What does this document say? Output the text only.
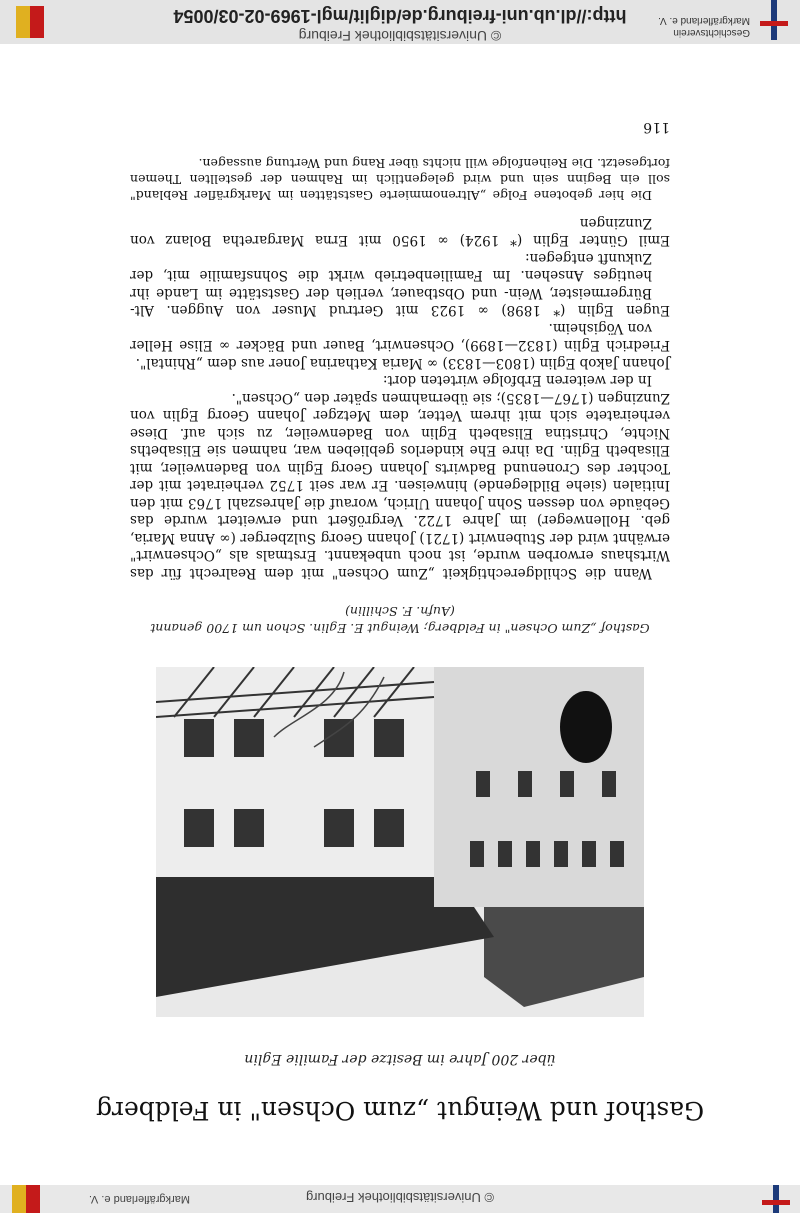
© Universitätsbibliothek Freiburg
Markgräflerland e. V.
© Universitätsbibliothek Freiburg
http://dl.ub.uni-freiburg.de/diglit/mgl-1969-02-03/0054
Geschichtsverein
Markgräflerland e. V.
Gasthof und Weingut „zum Ochsen" in Feldberg
über 200 Jahre im Besitze der Familie Eglin
Gasthof „Zum Ochsen" in Feldberg; Weingut E. Eglin. Schon um 1700 genannt
(Aufn. F. Schillin)

Wann die Schildgerechtigkeit „Zum Ochsen" mit dem Realrecht für das Wirtshaus erworben wurde, ist noch unbekannt. Erstmals als „Ochsenwirt" erwähnt wird der Stubenwirt (1721) Johann Georg Sulzberger (∞ Anna Maria, geb. Hollenweger) im Jahre 1722. Vergrößert und erweitert wurde das Gebäude von dessen Sohn Johann Ulrich, worauf die Jahreszahl 1763 mit den Initialen (siehe Bildlegende) hinweisen. Er war seit 1752 verheiratet mit der Tochter des Cronenund Badwirts Johann Georg Eglin von Badenweiler, mit Elisabeth Eglin. Da ihre Ehe kinderlos geblieben war, nahmen sie Elisabeths Nichte, Christina Elisabeth Eglin von Badenweiler, zu sich auf. Diese verheiratete sich mit ihrem Vetter, dem Metzger Johann Georg Eglin von Zunzingen (1767—1835); sie übernahmen später den „Ochsen".

In der weiteren Erbfolge wirteten dort:

Johann Jakob Eglin (1803—1833) ∞ Maria Katharina Joner aus dem „Rhintal".

Friedrich Eglin (1832—1899), Ochsenwirt, Bauer und Bäcker ∞ Elise Heller von Vögisheim.

Eugen Eglin (* 1898) ∞ 1923 mit Gertrud Muser von Auggen. Alt-Bürgermeister, Wein- und Obstbauer, verlieh der Gaststätte im Lande ihr heutiges Ansehen. Im Familienbetrieb wirkt die Sohnsfamilie mit, der Zukunft entgegen:

Emil Günter Eglin (* 1924) ∞ 1950 mit Erna Margaretha Bolanz von Zunzingen

Die hier gebotene Folge „Altrenommierte Gaststätten im Markgräfler Rebland" soll ein Beginn sein und wird gelegentlich im Rahmen der gestellten Themen fortgesetzt. Die Reihenfolge will nichts über Rang und Wertung aussagen.

116
